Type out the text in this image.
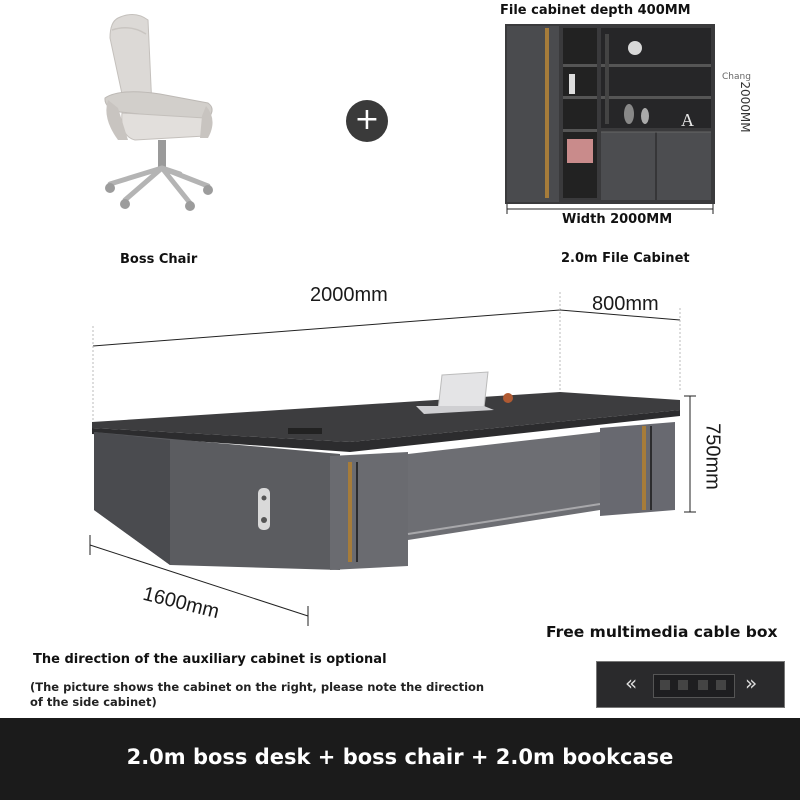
Boss Chair
+
File cabinet depth 400MM
A
Chang
2000MM
Width 2000MM
2.0m File Cabinet
2000mm	800mm
750mm
1600mm
The direction of the auxiliary cabinet is optional
(The picture shows the cabinet on the right, please note the direction
of the side cabinet)
Free multimedia cable box
«	»
2.0m boss desk + boss chair + 2.0m bookcase
